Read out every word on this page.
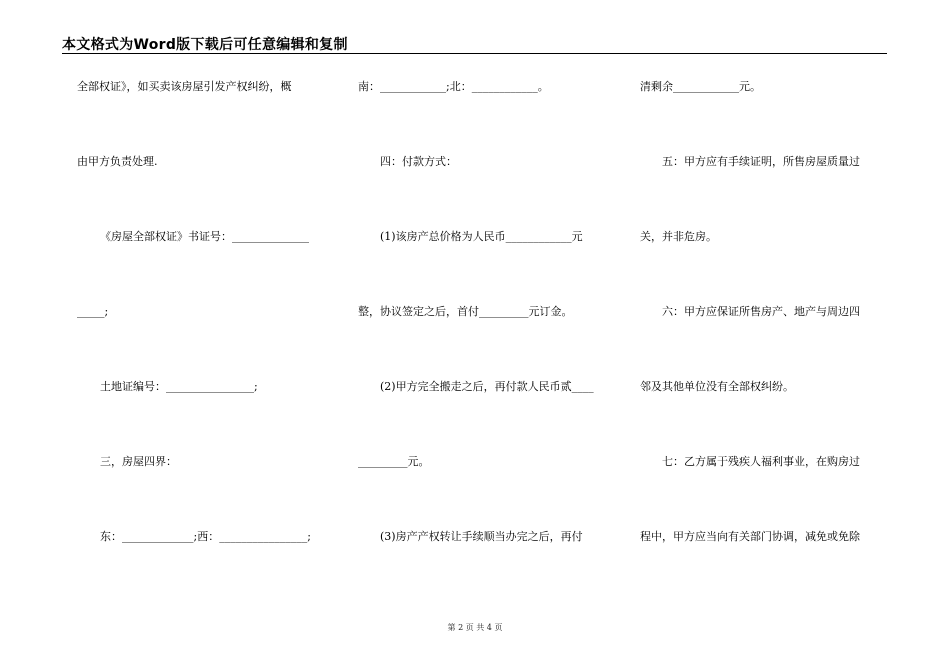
本文格式为Word版下载后可任意编辑和复制
全部权证》，如买卖该房屋引发产权纠纷，概
由甲方负责处理.
《房屋全部权证》书证号：______________
_____;
土地证编号：________________;
三，房屋四界：
东：_____________;西：________________;
南：____________;北：____________。
四：付款方式：
(1)该房产总价格为人民币____________元
整，协议签定之后，首付_________元订金。
(2)甲方完全搬走之后，再付款人民币贰____
_________元。
(3)房产产权转让手续顺当办完之后，再付
清剩余____________元。
五：甲方应有手续证明，所售房屋质量过
关，并非危房。
六：甲方应保证所售房产、地产与周边四
邻及其他单位没有全部权纠纷。
七：乙方属于残疾人福利事业，在购房过
程中，甲方应当向有关部门协调，减免或免除
第 2 页 共 4 页
